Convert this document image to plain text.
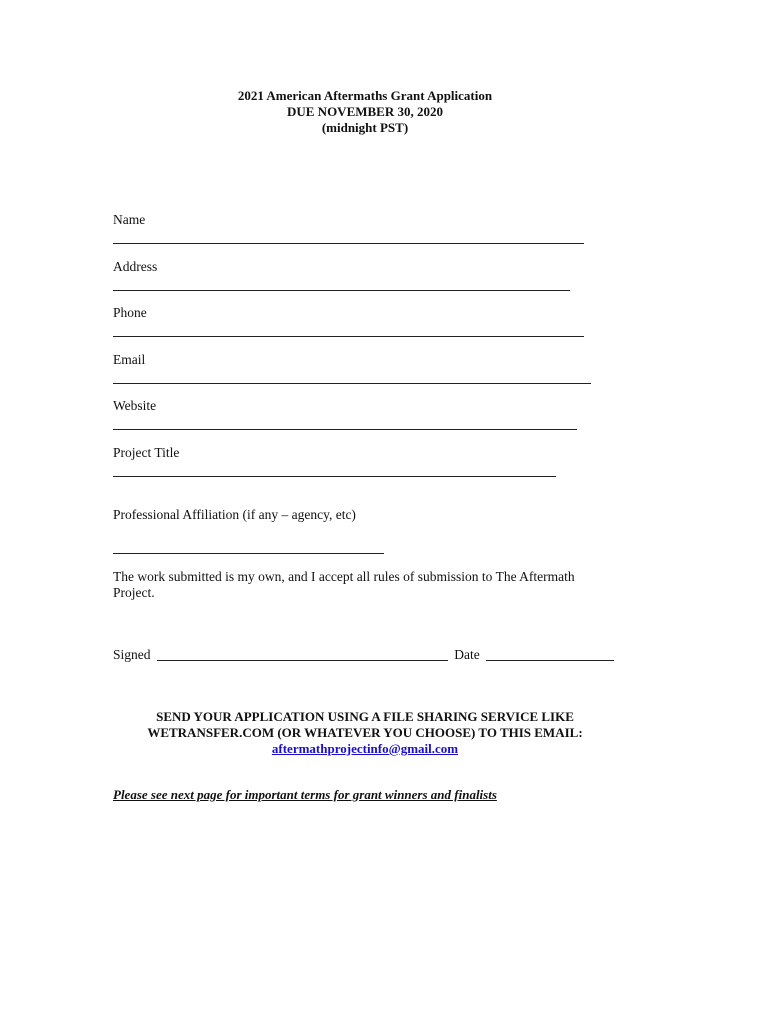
2021 American Aftermaths Grant Application
DUE NOVEMBER 30, 2020
(midnight PST)
Name
Address
Phone
Email
Website
Project Title
Professional Affiliation (if any – agency, etc)
The work submitted is my own, and I accept all rules of submission to The Aftermath Project.
Signed	Date
SEND YOUR APPLICATION USING A FILE SHARING SERVICE LIKE
WETRANSFER.COM (OR WHATEVER YOU CHOOSE) TO THIS EMAIL:
aftermathprojectinfo@gmail.com
Please see next page for important terms for grant winners and finalists
